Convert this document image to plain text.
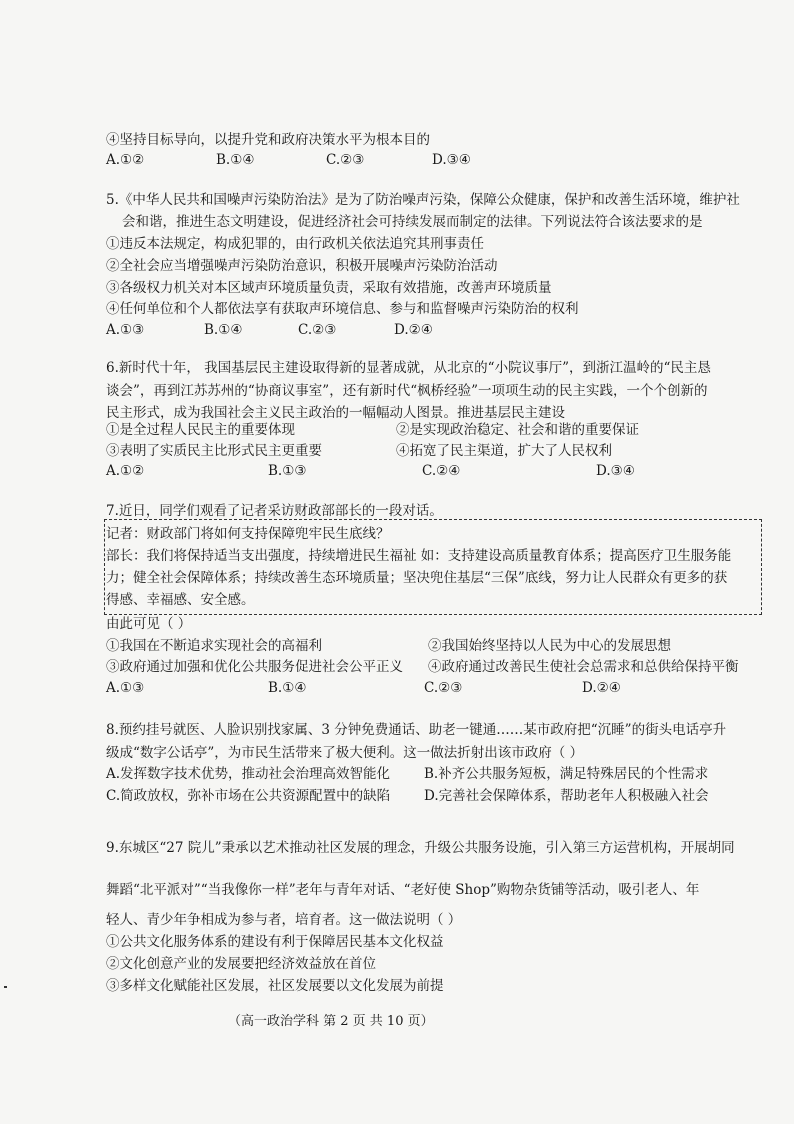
④坚持目标导向，以提升党和政府决策水平为根本目的
A.①②	B.①④	C.②③	D.③④
5.《中华人民共和国噪声污染防治法》是为了防治噪声污染，保障公众健康，保护和改善生活环境，维护社
会和谐，推进生态文明建设，促进经济社会可持续发展而制定的法律。下列说法符合该法要求的是
①违反本法规定，构成犯罪的，由行政机关依法追究其刑事责任
②全社会应当增强噪声污染防治意识，积极开展噪声污染防治活动
③各级权力机关对本区域声环境质量负责，采取有效措施，改善声环境质量
④任何单位和个人都依法享有获取声环境信息、参与和监督噪声污染防治的权利
A.①③	B.①④	C.②③	D.②④
6.新时代十年， 我国基层民主建设取得新的显著成就，从北京的“小院议事厅”，到浙江温岭的“民主恳
谈会”，再到江苏苏州的“协商议事室”，还有新时代“枫桥经验”一项项生动的民主实践，一个个创新的
民主形式，成为我国社会主义民主政治的一幅幅动人图景。推进基层民主建设
①是全过程人民民主的重要体现	②是实现政治稳定、社会和谐的重要保证
③表明了实质民主比形式民主更重要	④拓宽了民主渠道，扩大了人民权利
A.①②	B.①③	C.②④	D.③④
7.近日，同学们观看了记者采访财政部部长的一段对话。
记者：财政部门将如何支持保障兜牢民生底线？
部长：我们将保持适当支出强度，持续增进民生福祉 如：支持建设高质量教育体系；提高医疗卫生服务能
力；健全社会保障体系；持续改善生态环境质量；坚决兜住基层“三保”底线，努力让人民群众有更多的获
得感、幸福感、安全感。
由此可见（ ）
①我国在不断追求实现社会的高福利	②我国始终坚持以人民为中心的发展思想
③政府通过加强和优化公共服务促进社会公平正义 ④政府通过改善民生使社会总需求和总供给保持平衡
A.①③	B.①④	C.②③	D.②④
8.预约挂号就医、人脸识别找家属、3 分钟免费通话、助老一键通……某市政府把“沉睡”的街头电话亭升
级成“数字公话亭”，为市民生活带来了极大便利。这一做法折射出该市政府（ ）
A.发挥数字技术优势，推动社会治理高效智能化	B.补齐公共服务短板，满足特殊居民的个性需求
C.简政放权，弥补市场在公共资源配置中的缺陷	D.完善社会保障体系，帮助老年人积极融入社会
9.东城区“27 院儿”秉承以艺术推动社区发展的理念，升级公共服务设施，引入第三方运营机构，开展胡同
舞蹈“北平派对”“当我像你一样”老年与青年对话、“老好使 Shop”购物杂货铺等活动，吸引老人、年
轻人、青少年争相成为参与者，培育者。这一做法说明（ ）
①公共文化服务体系的建设有利于保障居民基本文化权益
②文化创意产业的发展要把经济效益放在首位
③多样文化赋能社区发展，社区发展要以文化发展为前提
（高一政治学科 第 2 页 共 10 页）
